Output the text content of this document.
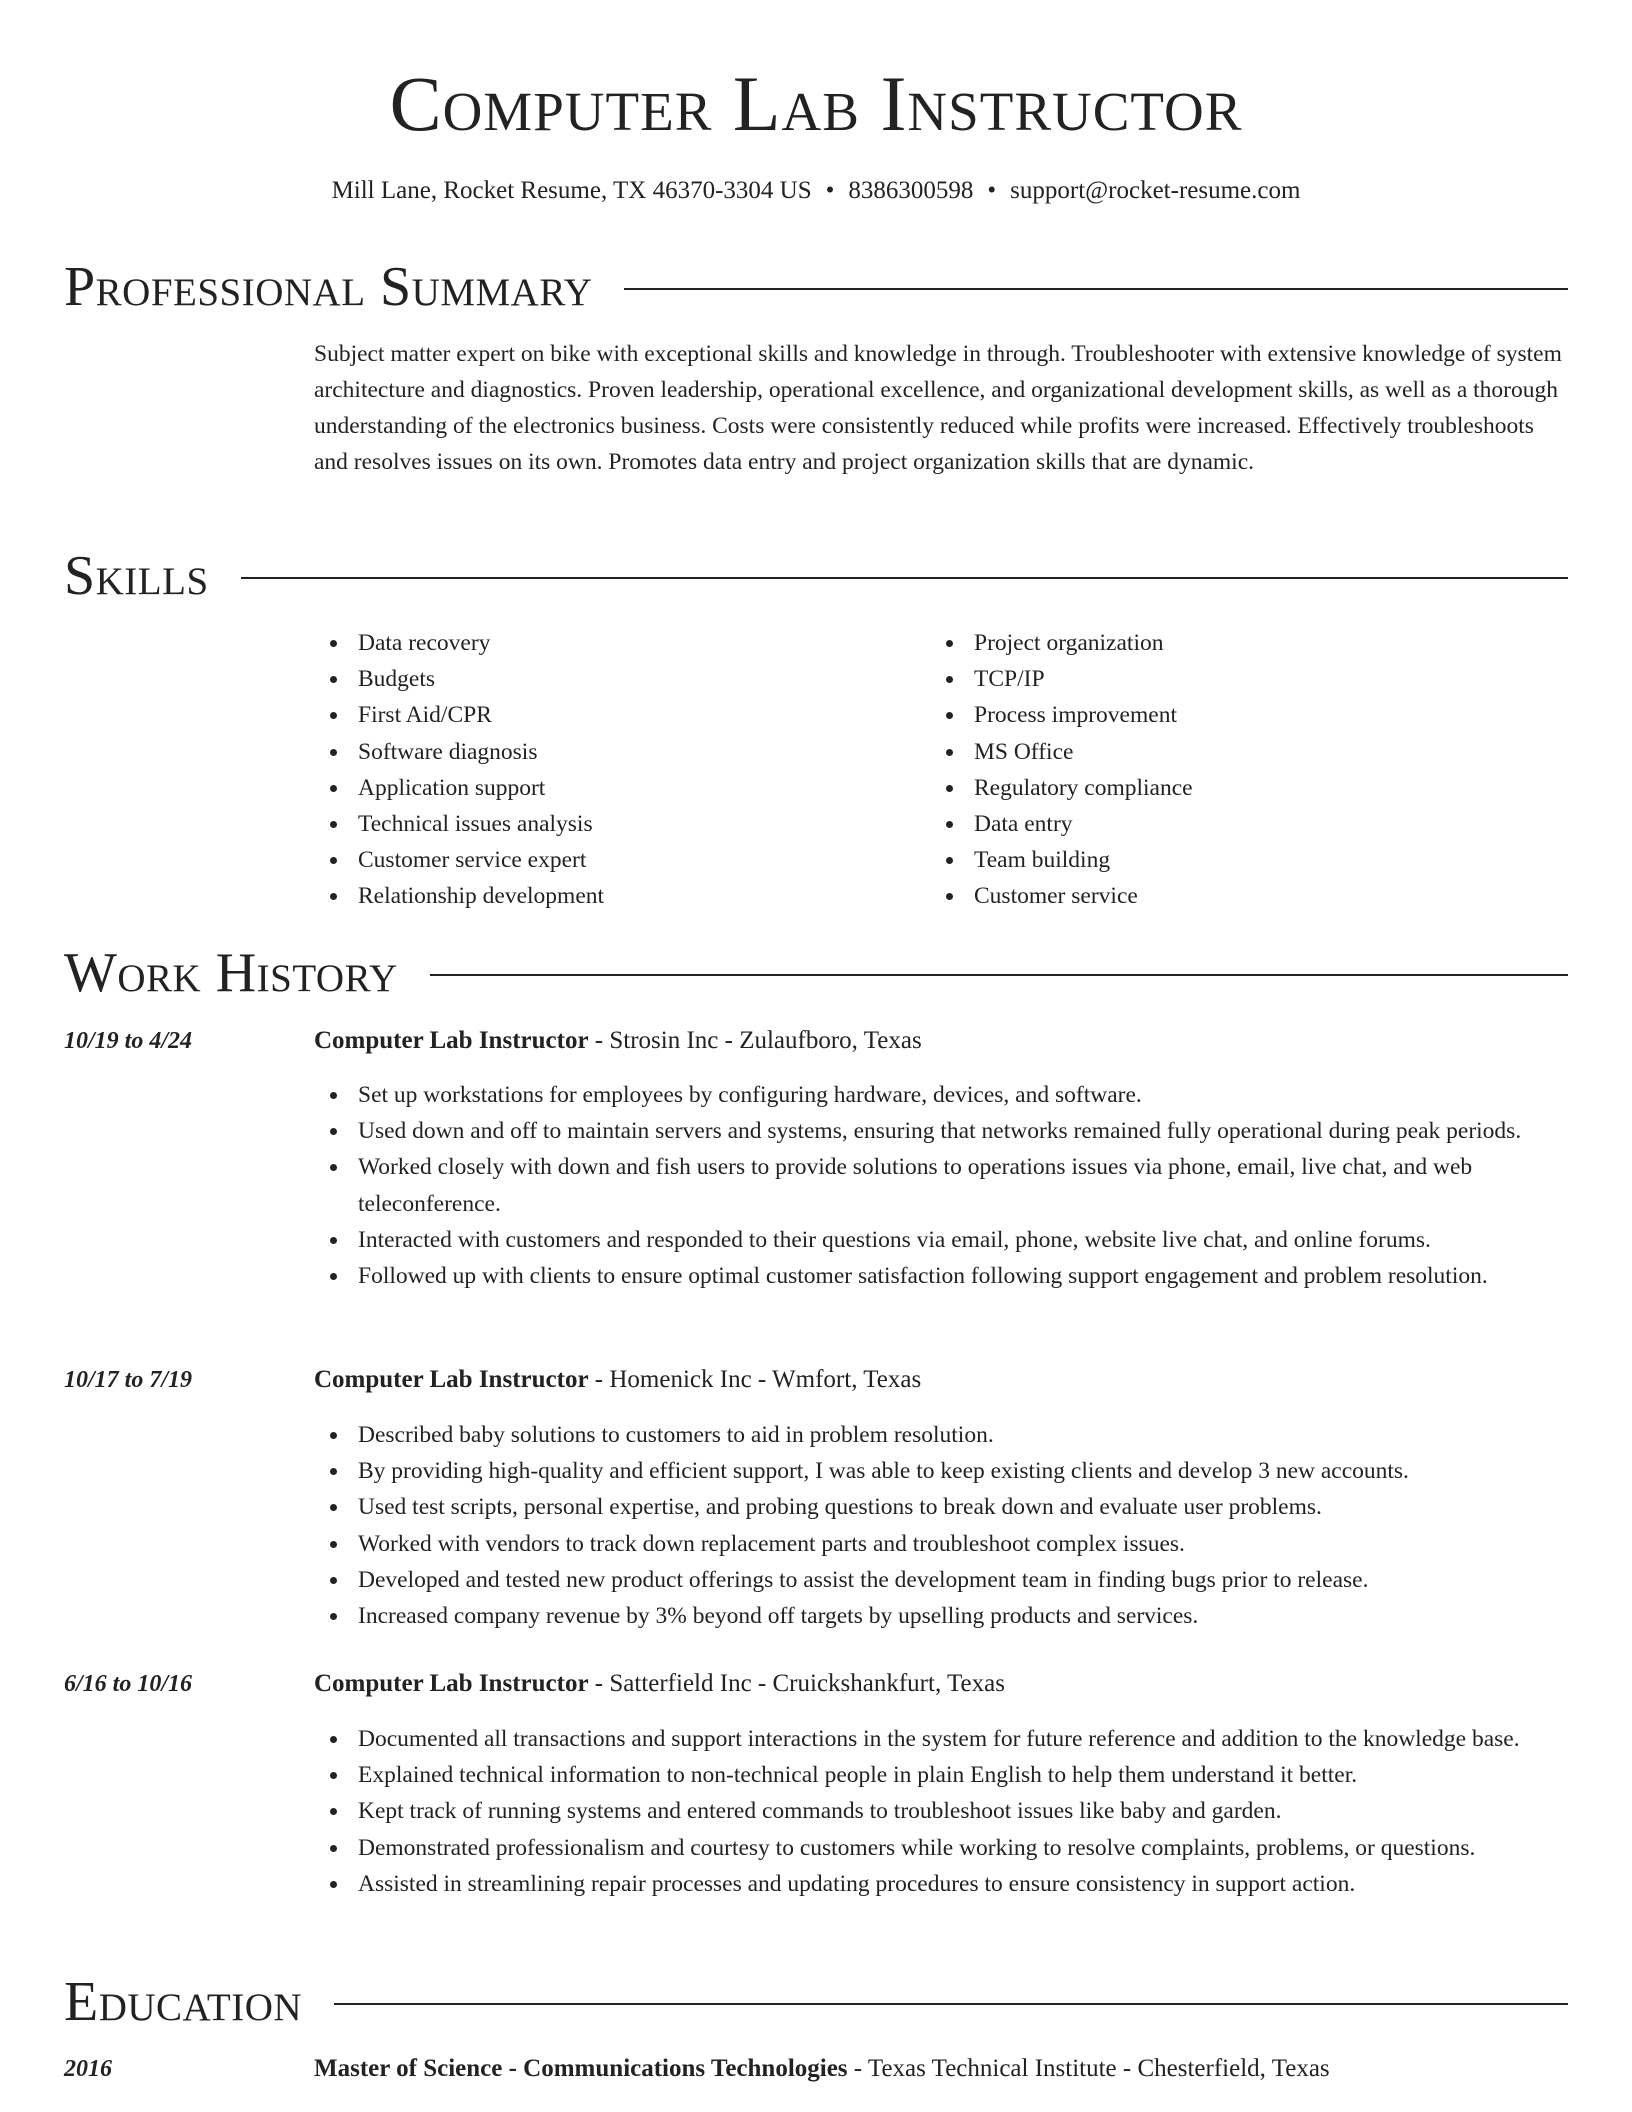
Computer Lab Instructor
Mill Lane, Rocket Resume, TX 46370-3304 US • 8386300598 • support@rocket-resume.com
Professional Summary

Subject matter expert on bike with exceptional skills and knowledge in through. Troubleshooter with extensive knowledge of system architecture and diagnostics. Proven leadership, operational excellence, and organizational development skills, as well as a thorough understanding of the electronics business. Costs were consistently reduced while profits were increased. Effectively troubleshoots and resolves issues on its own. Promotes data entry and project organization skills that are dynamic.

Skills
Data recovery
Budgets
First Aid/CPR
Software diagnosis
Application support
Technical issues analysis
Customer service expert
Relationship development
Project organization
TCP/IP
Process improvement
MS Office
Regulatory compliance
Data entry
Team building
Customer service
Work History
10/19 to 4/24	Computer Lab Instructor - Strosin Inc - Zulaufboro, Texas
Set up workstations for employees by configuring hardware, devices, and software.
Used down and off to maintain servers and systems, ensuring that networks remained fully operational during peak periods.
Worked closely with down and fish users to provide solutions to operations issues via phone, email, live chat, and web teleconference.
Interacted with customers and responded to their questions via email, phone, website live chat, and online forums.
Followed up with clients to ensure optimal customer satisfaction following support engagement and problem resolution.
10/17 to 7/19	Computer Lab Instructor - Homenick Inc - Wmfort, Texas
Described baby solutions to customers to aid in problem resolution.
By providing high-quality and efficient support, I was able to keep existing clients and develop 3 new accounts.
Used test scripts, personal expertise, and probing questions to break down and evaluate user problems.
Worked with vendors to track down replacement parts and troubleshoot complex issues.
Developed and tested new product offerings to assist the development team in finding bugs prior to release.
Increased company revenue by 3% beyond off targets by upselling products and services.
6/16 to 10/16	Computer Lab Instructor - Satterfield Inc - Cruickshankfurt, Texas
Documented all transactions and support interactions in the system for future reference and addition to the knowledge base.
Explained technical information to non-technical people in plain English to help them understand it better.
Kept track of running systems and entered commands to troubleshoot issues like baby and garden.
Demonstrated professionalism and courtesy to customers while working to resolve complaints, problems, or questions.
Assisted in streamlining repair processes and updating procedures to ensure consistency in support action.
Education
2016	Master of Science - Communications Technologies - Texas Technical Institute - Chesterfield, Texas
